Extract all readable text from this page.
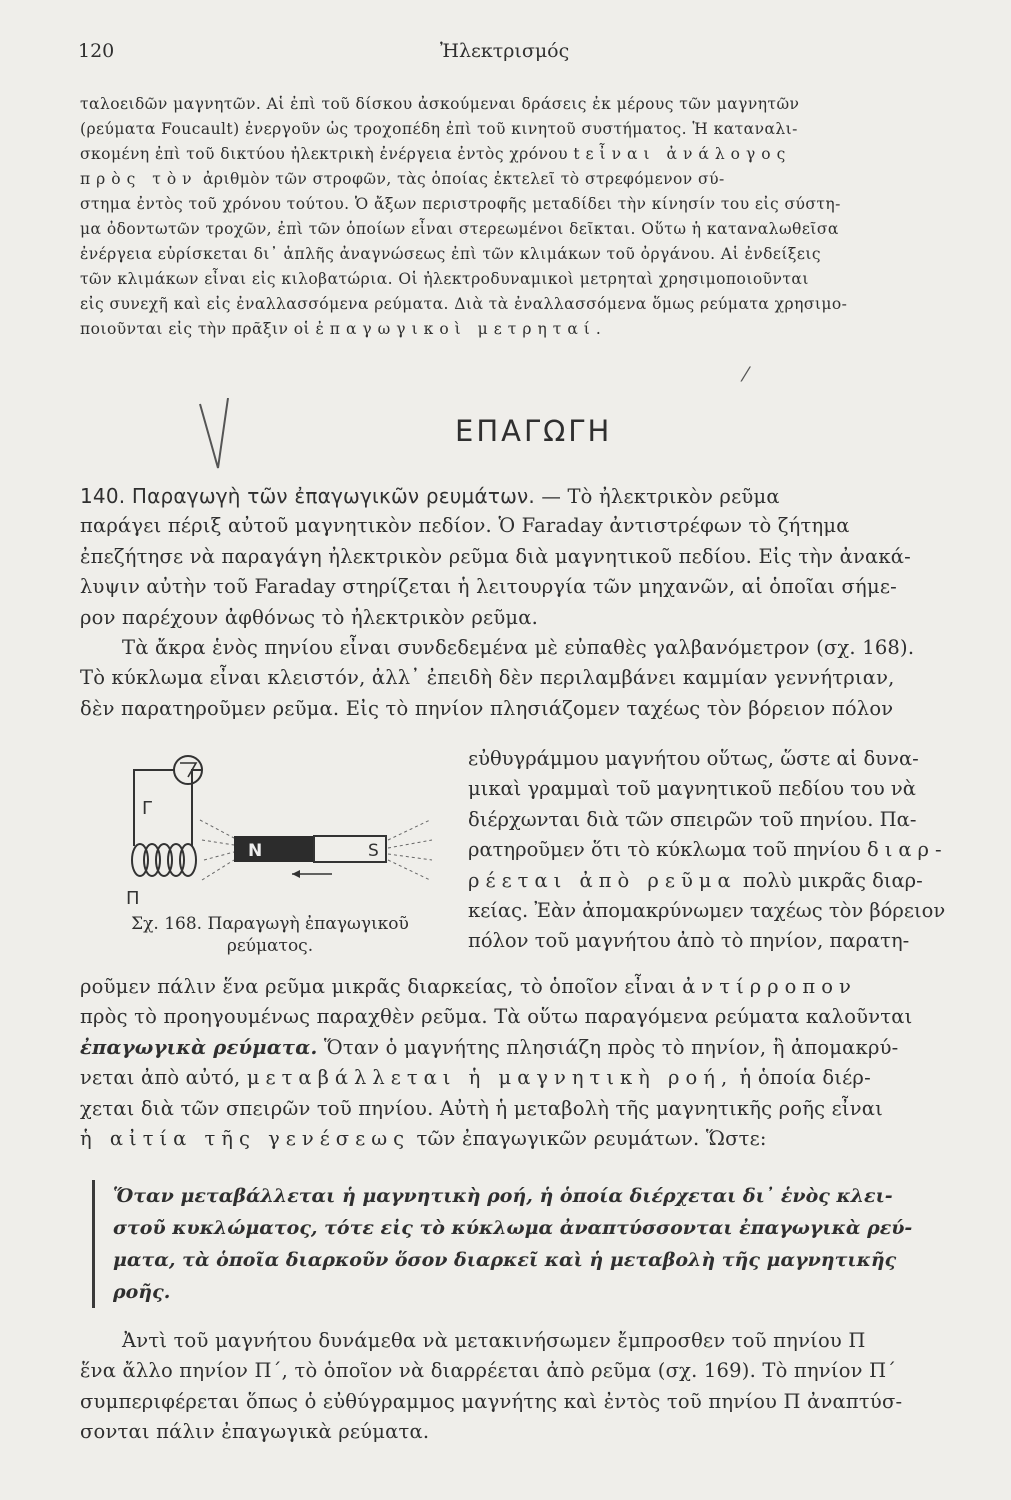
120	Ἠλεκτρισμός
ταλοειδῶν μαγνητῶν. Αἱ ἐπὶ τοῦ δίσκου ἀσκούμεναι δράσεις ἐκ μέρους τῶν μαγνητῶν
(ρεύματα Foucault) ἐνεργοῦν ὡς τροχοπέδη ἐπὶ τοῦ κινητοῦ συστήματος. Ἡ καταναλι-
σκομένη ἐπὶ τοῦ δικτύου ἠλεκτρικὴ ἐνέργεια ἐντὸς χρόνου t εἶναι ἀνάλογος
πρὸς τὸν ἀριθμὸν τῶν στροφῶν, τὰς ὁποίας ἐκτελεῖ τὸ στρεφόμενον σύ-
στημα ἐντὸς τοῦ χρόνου τούτου. Ὁ ἄξων περιστροφῆς μεταδίδει τὴν κίνησίν του εἰς σύστη-
μα ὀδοντωτῶν τροχῶν, ἐπὶ τῶν ὁποίων εἶναι στερεωμένοι δεῖκται. Οὕτω ἡ καταναλωθεῖσα
ἐνέργεια εὑρίσκεται δι᾽ ἁπλῆς ἀναγνώσεως ἐπὶ τῶν κλιμάκων τοῦ ὀργάνου. Αἱ ἐνδείξεις
τῶν κλιμάκων εἶναι εἰς κιλοβατώρια. Οἱ ἠλεκτροδυναμικοὶ μετρηταὶ χρησιμοποιοῦνται
εἰς συνεχῆ καὶ εἰς ἐναλλασσόμενα ρεύματα. Διὰ τὰ ἐναλλασσόμενα ὅμως ρεύματα χρησιμο-
ποιοῦνται εἰς τὴν πρᾶξιν οἱ ἐπαγωγικοὶ μετρηταί.
⁄
ΕΠΑΓΩΓΗ
140. Παραγωγὴ τῶν ἐπαγωγικῶν ρευμάτων. — Τὸ ἠλεκτρικὸν ρεῦμα
παράγει πέριξ αὐτοῦ μαγνητικὸν πεδίον. Ὁ Faraday ἀντιστρέφων τὸ ζήτημα
ἐπεζήτησε νὰ παραγάγη ἠλεκτρικὸν ρεῦμα διὰ μαγνητικοῦ πεδίου. Εἰς τὴν ἀνακά-
λυψιν αὐτὴν τοῦ Faraday στηρίζεται ἡ λειτουργία τῶν μηχανῶν, αἱ ὁποῖαι σήμε-
ρον παρέχουν ἀφθόνως τὸ ἠλεκτρικὸν ρεῦμα.
Τὰ ἄκρα ἑνὸς πηνίου εἶναι συνδεδεμένα μὲ εὐπαθὲς γαλβανόμετρον (σχ. 168).
Τὸ κύκλωμα εἶναι κλειστόν, ἀλλ᾽ ἐπειδὴ δὲν περιλαμβάνει καμμίαν γεννήτριαν,
δὲν παρατηροῦμεν ρεῦμα. Εἰς τὸ πηνίον πλησιάζομεν ταχέως τὸν βόρειον πόλον
Γ
Π
N	S
Σχ. 168. Παραγωγὴ ἐπαγωγικοῦ
ρεύματος.
εὐθυγράμμου μαγνήτου οὕτως, ὥστε αἱ δυνα-
μικαὶ γραμμαὶ τοῦ μαγνητικοῦ πεδίου του νὰ
διέρχωνται διὰ τῶν σπειρῶν τοῦ πηνίου. Πα-
ρατηροῦμεν ὅτι τὸ κύκλωμα τοῦ πηνίου διαρ-
ρέεται ἀπὸ ρεῦμα πολὺ μικρᾶς διαρ-
κείας. Ἐὰν ἀπομακρύνωμεν ταχέως τὸν βόρειον
πόλον τοῦ μαγνήτου ἀπὸ τὸ πηνίον, παρατη-
ροῦμεν πάλιν ἕνα ρεῦμα μικρᾶς διαρκείας, τὸ ὁποῖον εἶναι ἀντίρροπον
πρὸς τὸ προηγουμένως παραχθὲν ρεῦμα. Τὰ οὕτω παραγόμενα ρεύματα καλοῦνται
ἐπαγωγικὰ ρεύματα. Ὅταν ὁ μαγνήτης πλησιάζη πρὸς τὸ πηνίον, ἢ ἀπομακρύ-
νεται ἀπὸ αὐτό, μεταβάλλεται ἡ μαγνητικὴ ροή, ἡ ὁποία διέρ-
χεται διὰ τῶν σπειρῶν τοῦ πηνίου. Αὐτὴ ἡ μεταβολὴ τῆς μαγνητικῆς ροῆς εἶναι
ἡ αἰτία τῆς γενέσεως τῶν ἐπαγωγικῶν ρευμάτων. Ὥστε:
Ὅταν μεταβάλλεται ἡ μαγνητικὴ ροή, ἡ ὁποία διέρχεται δι᾽ ἑνὸς κλει-
στοῦ κυκλώματος, τότε εἰς τὸ κύκλωμα ἀναπτύσσονται ἐπαγωγικὰ ρεύ-
ματα, τὰ ὁποῖα διαρκοῦν ὅσον διαρκεῖ καὶ ἡ μεταβολὴ τῆς μαγνητικῆς
ροῆς.
Ἀντὶ τοῦ μαγνήτου δυνάμεθα νὰ μετακινήσωμεν ἔμπροσθεν τοῦ πηνίου Π
ἕνα ἄλλο πηνίον Π΄, τὸ ὁποῖον νὰ διαρρέεται ἀπὸ ρεῦμα (σχ. 169). Τὸ πηνίον Π΄
συμπεριφέρεται ὅπως ὁ εὐθύγραμμος μαγνήτης καὶ ἐντὸς τοῦ πηνίου Π ἀναπτύσ-
σονται πάλιν ἐπαγωγικὰ ρεύματα.
